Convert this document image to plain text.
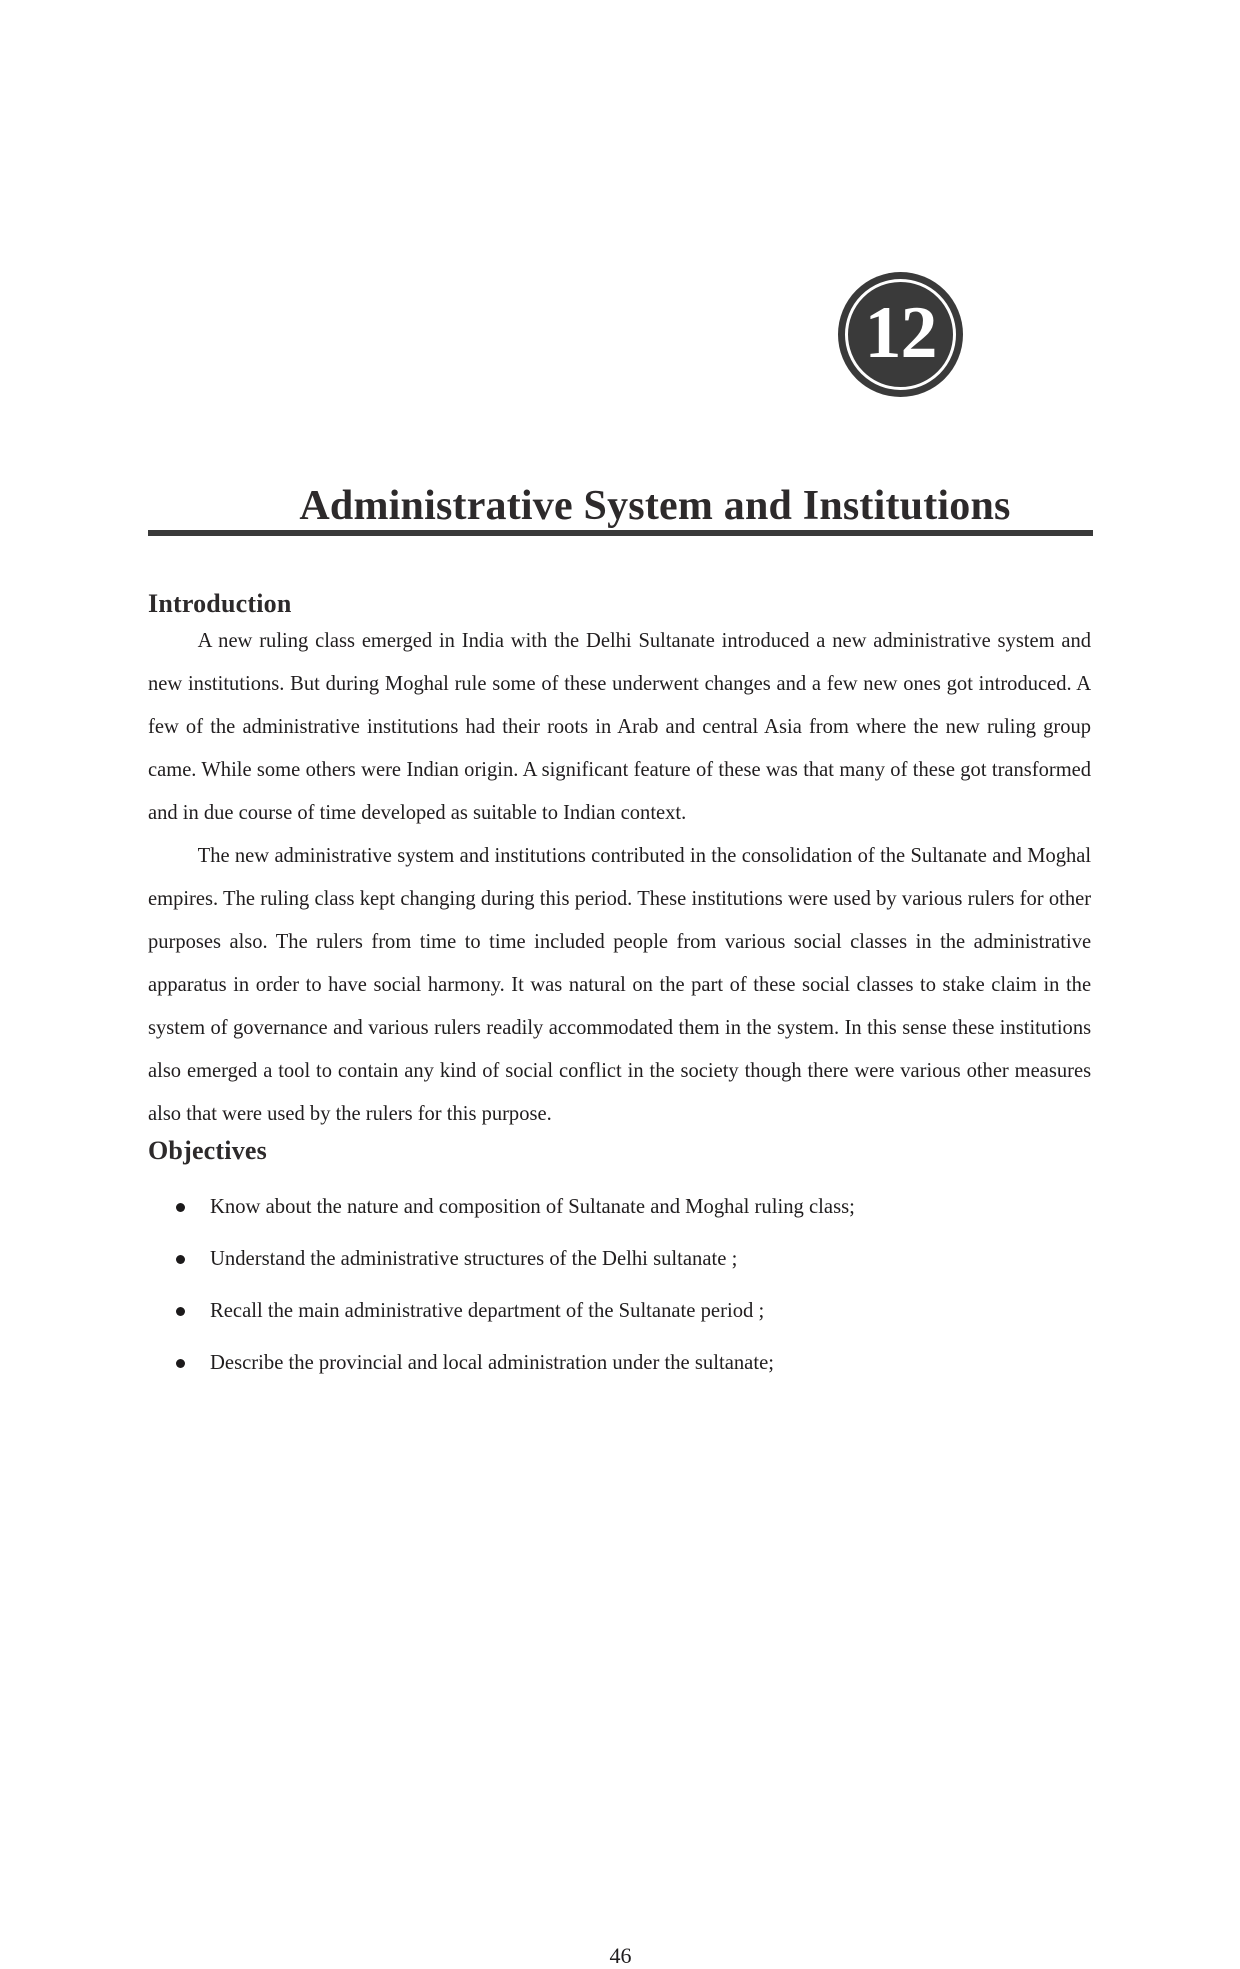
12
Administrative System and Institutions
Introduction

A new ruling class emerged in India with the Delhi Sultanate introduced a new administrative system and new institutions. But during Moghal rule some of these underwent changes and a few new ones got introduced. A few of the administrative institutions had their roots in Arab and central Asia from where the new ruling group came. While some others were Indian origin. A significant feature of these was that many of these got transformed and in due course of time developed as suitable to Indian context.

The new administrative system and institutions contributed in the consolidation of the Sultanate and Moghal empires. The ruling class kept changing during this period. These institutions were used by various rulers for other purposes also. The rulers from time to time included people from various social classes in the administrative apparatus in order to have social harmony. It was natural on the part of these social classes to stake claim in the system of governance and various rulers readily accommodated them in the system. In this sense these institutions also emerged a tool to contain any kind of social conflict in the society though there were various other measures also that were used by the rulers for this purpose.

Objectives
Know about the nature and composition of Sultanate and Moghal ruling class;
Understand the administrative structures of the Delhi sultanate ;
Recall the main administrative department of the Sultanate period ;
Describe the provincial and local administration under the sultanate;
46
